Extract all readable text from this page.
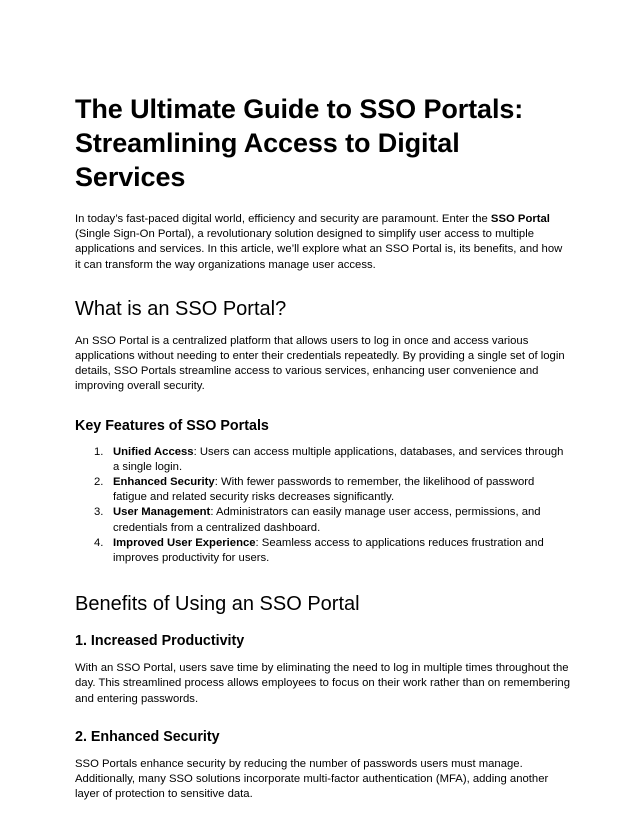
The Ultimate Guide to SSO Portals: Streamlining Access to Digital Services

In today’s fast-paced digital world, efficiency and security are paramount. Enter the SSO Portal (Single Sign-On Portal), a revolutionary solution designed to simplify user access to multiple applications and services. In this article, we’ll explore what an SSO Portal is, its benefits, and how it can transform the way organizations manage user access.

What is an SSO Portal?

An SSO Portal is a centralized platform that allows users to log in once and access various applications without needing to enter their credentials repeatedly. By providing a single set of login details, SSO Portals streamline access to various services, enhancing user convenience and improving overall security.

Key Features of SSO Portals
1. Unified Access: Users can access multiple applications, databases, and services through a single login.
2. Enhanced Security: With fewer passwords to remember, the likelihood of password fatigue and related security risks decreases significantly.
3. User Management: Administrators can easily manage user access, permissions, and credentials from a centralized dashboard.
4. Improved User Experience: Seamless access to applications reduces frustration and improves productivity for users.
Benefits of Using an SSO Portal
1. Increased Productivity

With an SSO Portal, users save time by eliminating the need to log in multiple times throughout the day. This streamlined process allows employees to focus on their work rather than on remembering and entering passwords.

2. Enhanced Security

SSO Portals enhance security by reducing the number of passwords users must manage. Additionally, many SSO solutions incorporate multi-factor authentication (MFA), adding another layer of protection to sensitive data.
